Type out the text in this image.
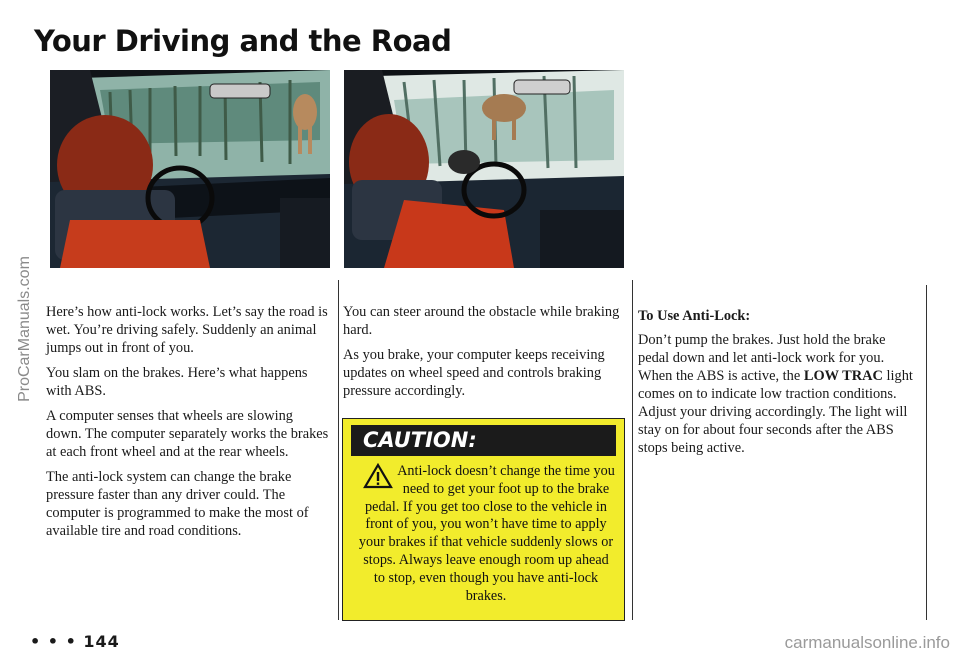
Your Driving and the Road

Here’s how anti-lock works. Let’s say the road is wet. You’re driving safely. Suddenly an animal jumps out in front of you.

You slam on the brakes. Here’s what happens with ABS.

A computer senses that wheels are slowing down. The computer separately works the brakes at each front wheel and at the rear wheels.

The anti-lock system can change the brake pressure faster than any driver could. The computer is programmed to make the most of available tire and road conditions.

You can steer around the obstacle while braking hard.

As you brake, your computer keeps receiving updates on wheel speed and controls braking pressure accordingly.

CAUTION:
Anti-lock doesn’t change the time you need to get your foot up to the brake pedal. If you get too close to the vehicle in front of you, you won’t have time to apply your brakes if that vehicle suddenly slows or stops. Always leave enough room up ahead to stop, even though you have anti-lock brakes.

To Use Anti-Lock:

Don’t pump the brakes. Just hold the brake pedal down and let anti-lock work for you. When the ABS is active, the LOW TRAC light comes on to indicate low traction conditions. Adjust your driving accordingly. The light will stay on for about four seconds after the ABS stops being active.

• • • 144
ProCarManuals.com
carmanualsonline.info
